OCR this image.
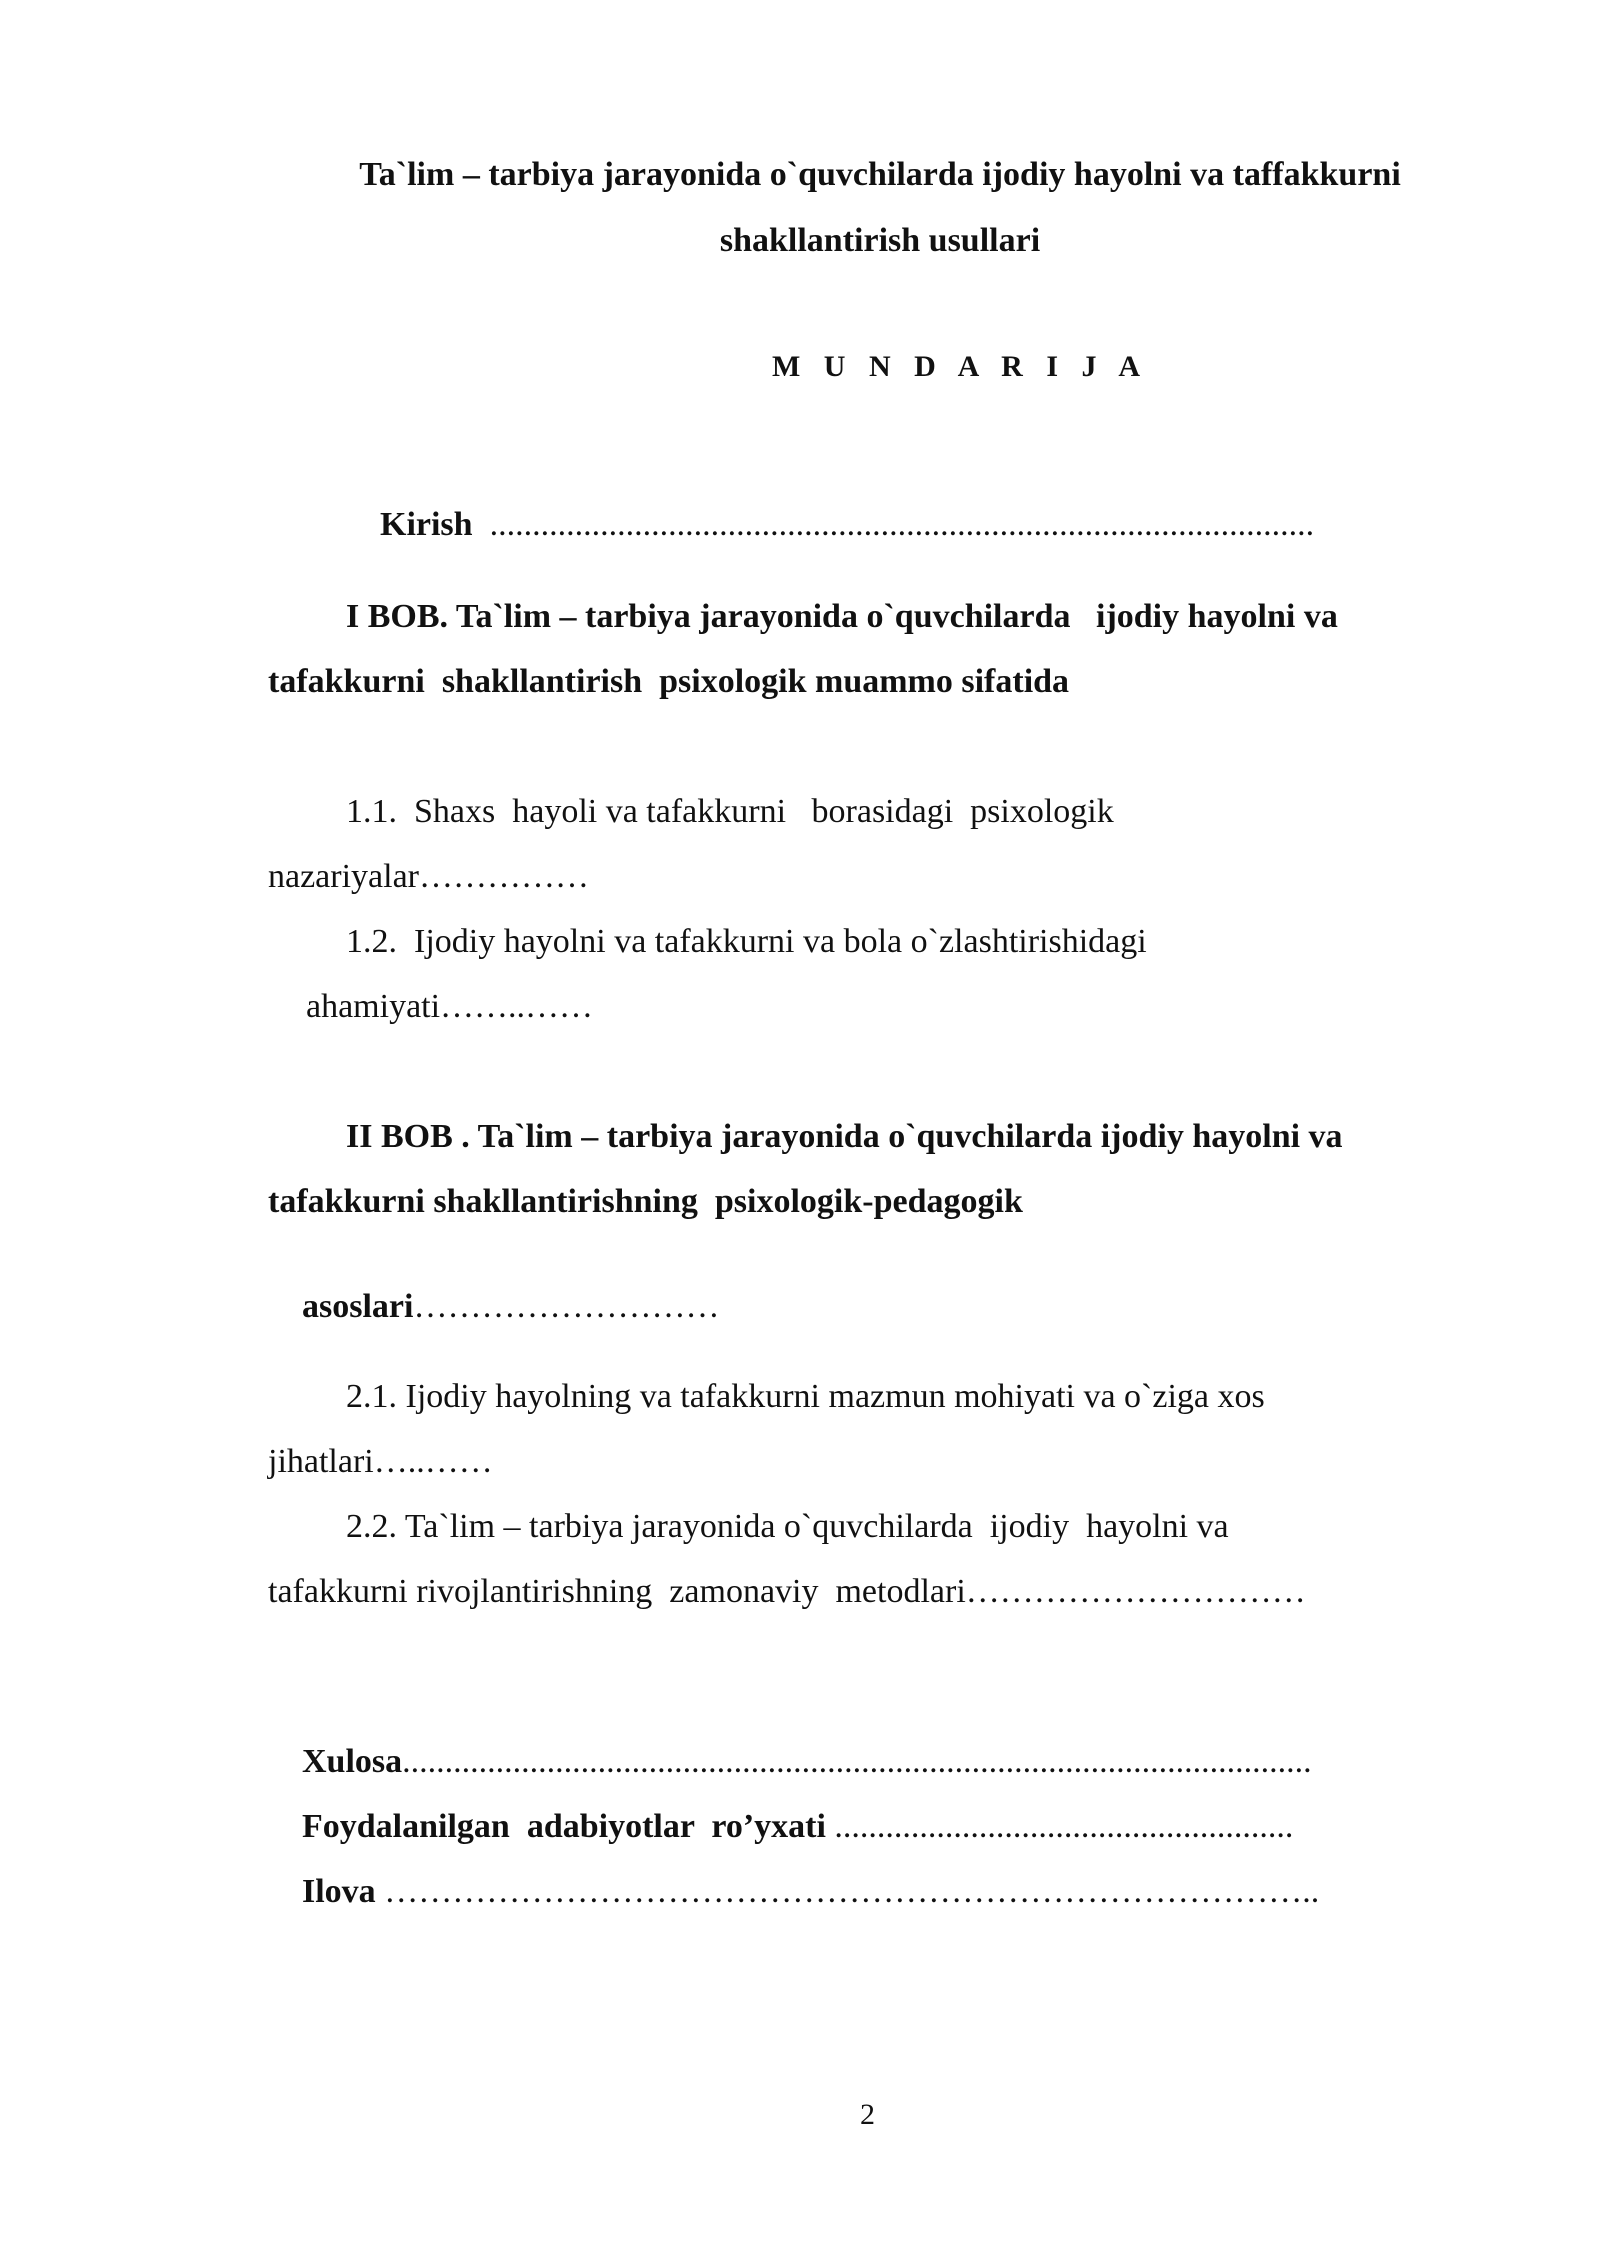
Ta`lim – tarbiya jarayonida o`quvchilarda ijodiy hayolni va taffakkurni
shakllantirish usullari
M U N D A R I J A

Kirish  .................................................................................................

I BOB. Ta`lim – tarbiya jarayonida o`quvchilarda   ijodiy hayolni va
tafakkurni  shakllantirish  psixologik muammo sifatida
1.1.  Shaxs  hayoli va tafakkurni   borasidagi  psixologik
nazariyalar……………
1.2.  Ijodiy hayolni va tafakkurni va bola o`zlashtirishidagi
ahamiyati……..……
II BOB . Ta`lim – tarbiya jarayonida o`quvchilarda ijodiy hayolni va
tafakkurni shakllantirishning  psixologik-pedagogik

asoslari………………………

2.1. Ijodiy hayolning va tafakkurni mazmun mohiyati va o`ziga xos
jihatlari…..……
2.2. Ta`lim – tarbiya jarayonida o`quvchilarda  ijodiy  hayolni va
tafakkurni rivojlantirishning  zamonaviy  metodlari…………………………

Xulosa...........................................................................................................

Foydalanilgan  adabiyotlar  ro’yxati ......................................................

Ilova ………………………………………………………………………..

2
